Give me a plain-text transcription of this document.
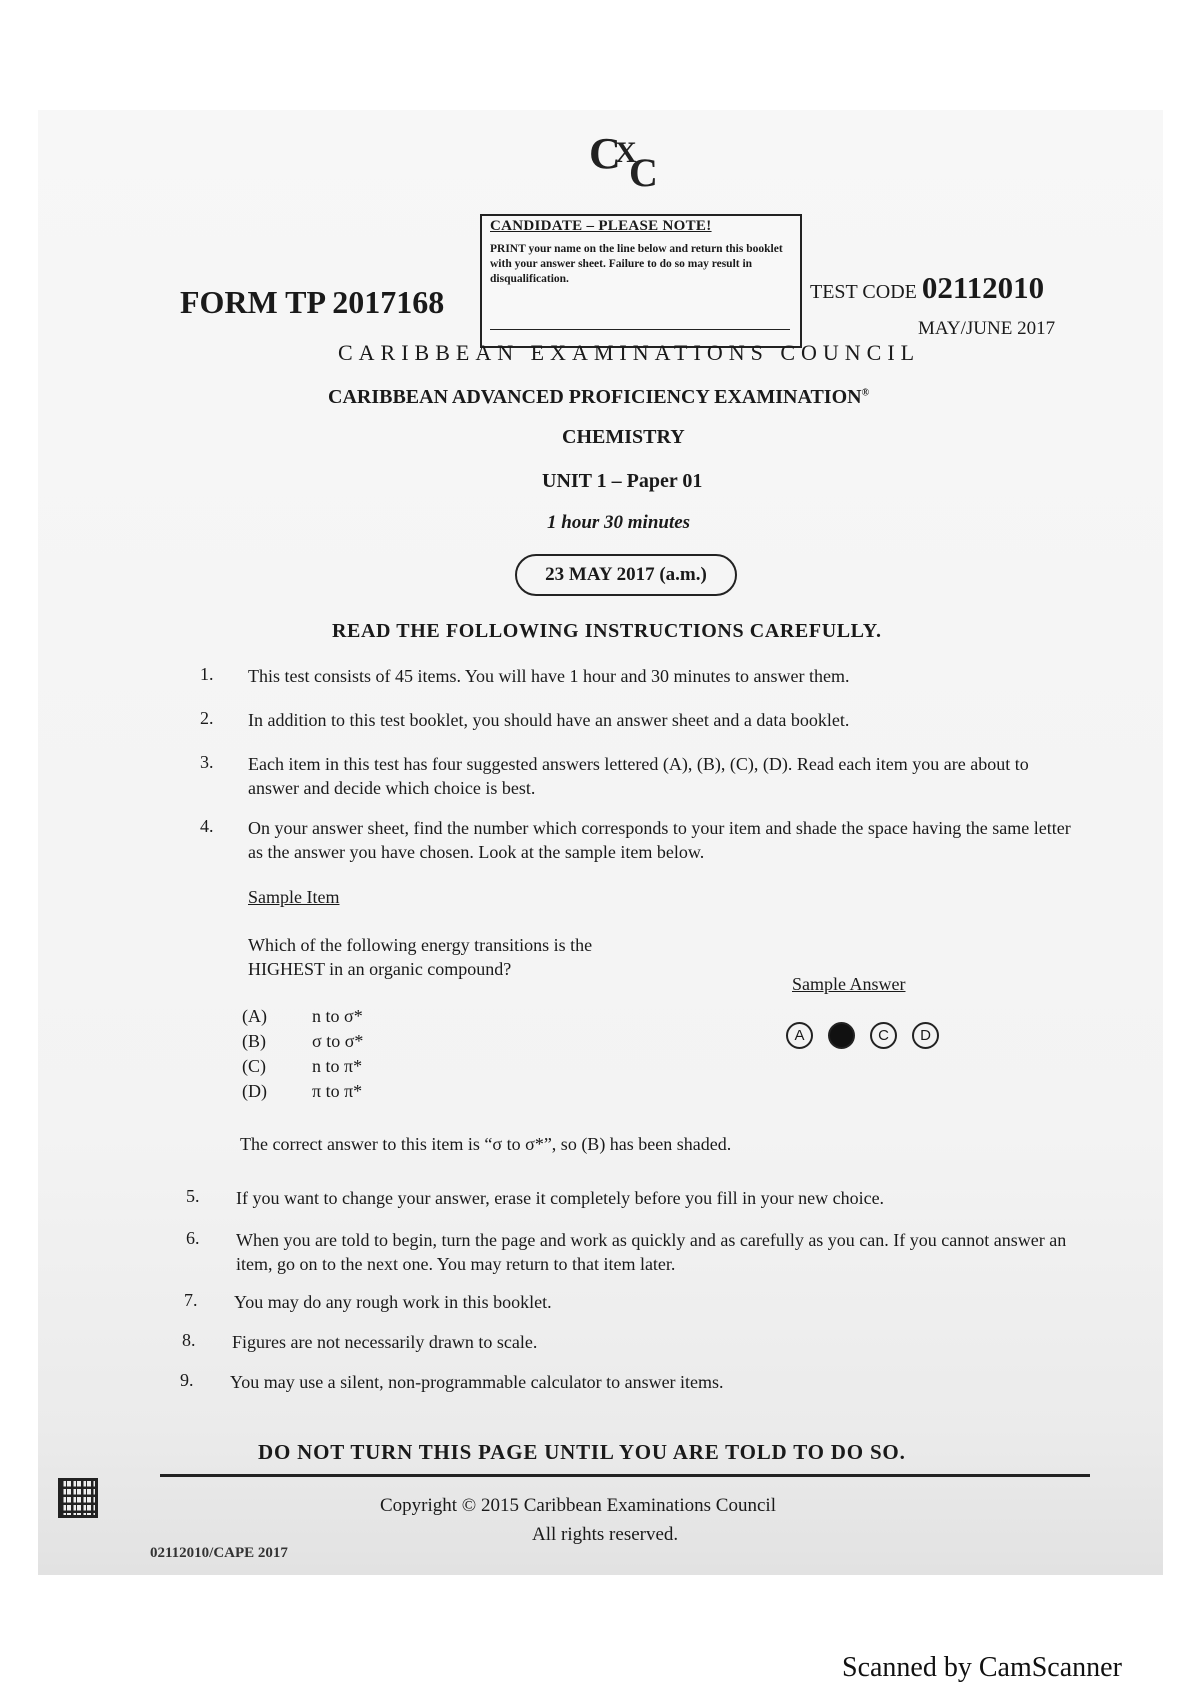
C
X
C
CANDIDATE – PLEASE NOTE!
PRINT your name on the line below and return this booklet with your answer sheet. Failure to do so may result in disqualification.
FORM TP 2017168	TEST CODE 02112010
MAY/JUNE 2017
CARIBBEAN EXAMINATIONS COUNCIL
CARIBBEAN ADVANCED PROFICIENCY EXAMINATION®
CHEMISTRY
UNIT 1 – Paper 01
1 hour 30 minutes
23 MAY 2017 (a.m.)
READ THE FOLLOWING INSTRUCTIONS CAREFULLY.
1. This test consists of 45 items. You will have 1 hour and 30 minutes to answer them.
2. In addition to this test booklet, you should have an answer sheet and a data booklet.
3. Each item in this test has four suggested answers lettered (A), (B), (C), (D). Read each item you are about to answer and decide which choice is best.
4. On your answer sheet, find the number which corresponds to your item and shade the space having the same letter as the answer you have chosen. Look at the sample item below.
Sample Item
Which of the following energy transitions is the HIGHEST in an organic compound?
(A)	n to σ*
(B)	σ to σ*
(C)	n to π*
(D)	π to π*
Sample Answer
A	C	D
The correct answer to this item is “σ to σ*”, so (B) has been shaded.
5. If you want to change your answer, erase it completely before you fill in your new choice.
6. When you are told to begin, turn the page and work as quickly and as carefully as you can. If you cannot answer an item, go on to the next one. You may return to that item later.
7. You may do any rough work in this booklet.
8. Figures are not necessarily drawn to scale.
9. You may use a silent, non-programmable calculator to answer items.
DO NOT TURN THIS PAGE UNTIL YOU ARE TOLD TO DO SO.
Copyright © 2015 Caribbean Examinations Council
All rights reserved.
02112010/CAPE 2017
Scanned by CamScanner
